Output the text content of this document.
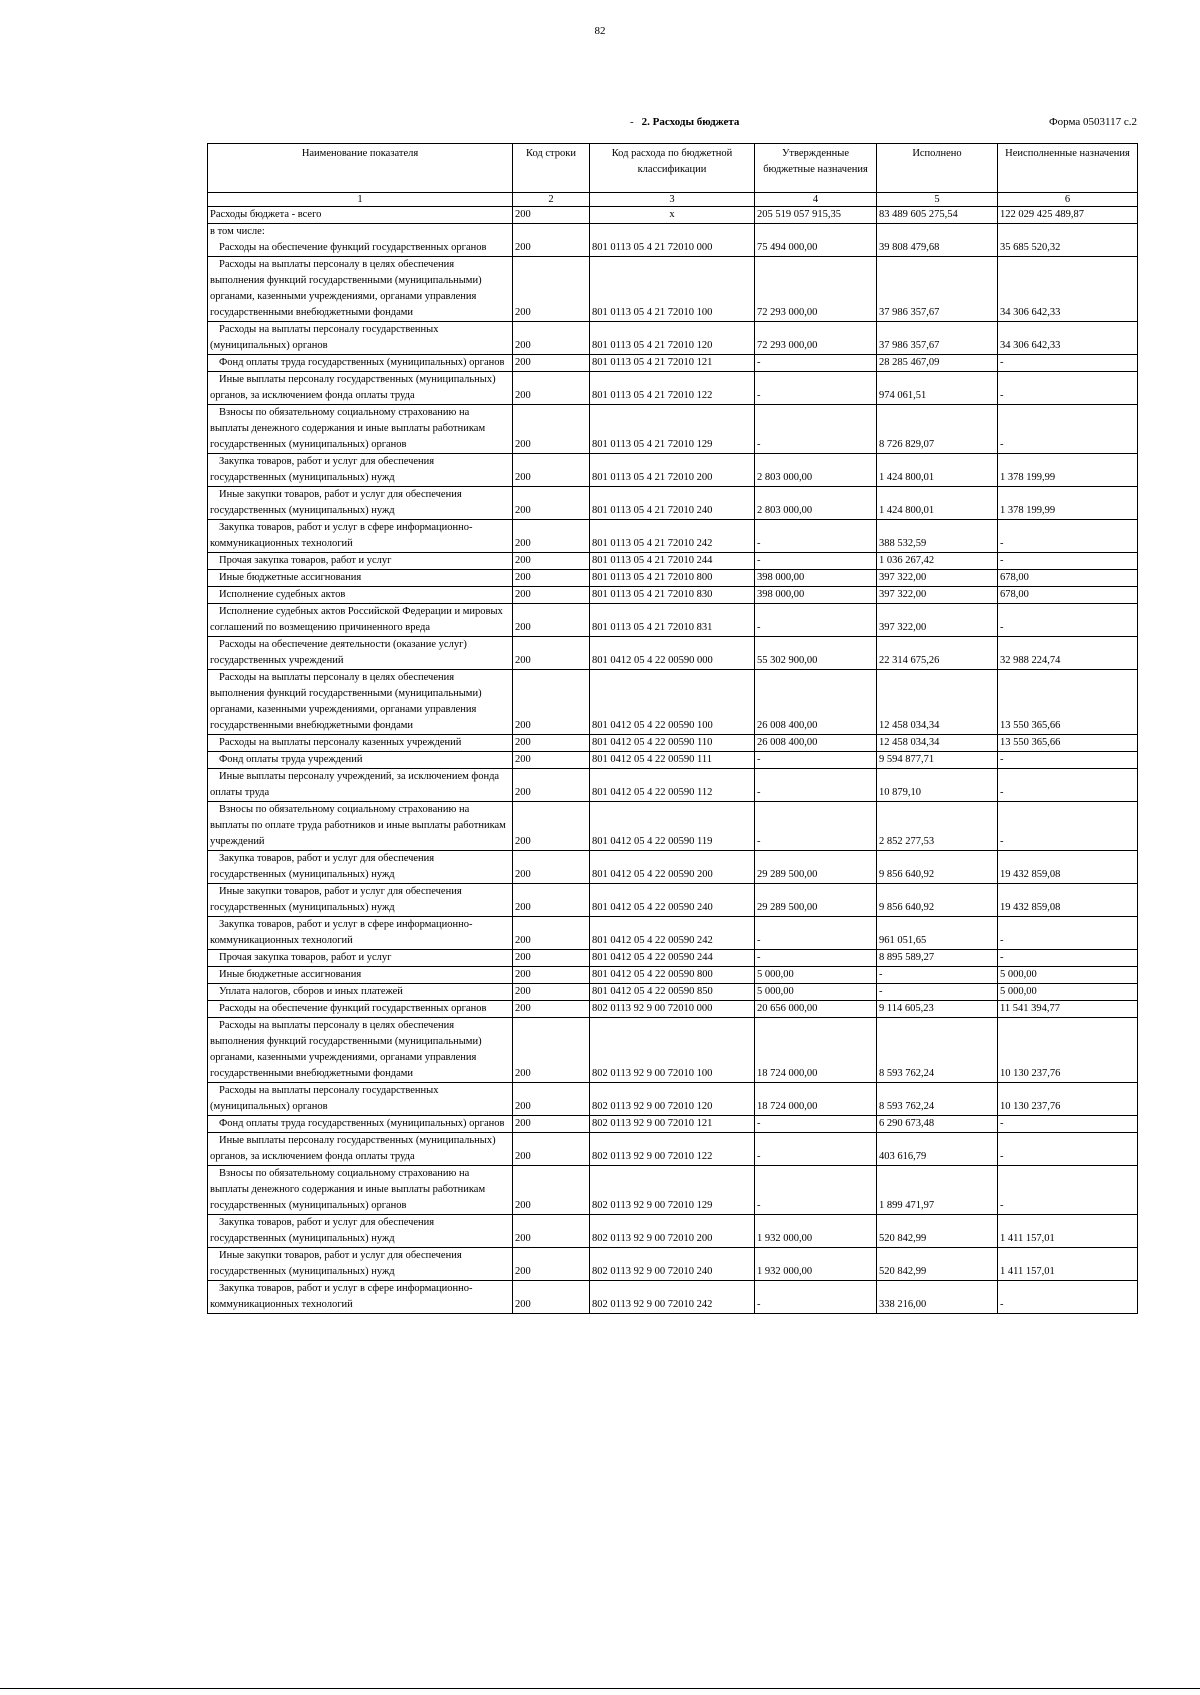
82
- 2. Расходы бюджета	Форма 0503117 с.2
Наименование показателя	Код строки	Код расхода по бюджетной классификации	Утвержденные бюджетные назначения	Исполнено	Неисполненные назначения
1	2	3	4	5	6
Расходы бюджета - всего	200	x	205 519 057 915,35	83 489 605 275,54	122 029 425 489,87
в том числе:					
Расходы на обеспечение функций государственных органов	200	801 0113 05 4 21 72010 000	75 494 000,00	39 808 479,68	35 685 520,32
Расходы на выплаты персоналу в целях обеспечения выполнения функций государственными (муниципальными) органами, казенными учреждениями, органами управления государственными внебюджетными фондами	200	801 0113 05 4 21 72010 100	72 293 000,00	37 986 357,67	34 306 642,33
Расходы на выплаты персоналу государственных (муниципальных) органов	200	801 0113 05 4 21 72010 120	72 293 000,00	37 986 357,67	34 306 642,33
Фонд оплаты труда государственных (муниципальных) органов	200	801 0113 05 4 21 72010 121	-	28 285 467,09	-
Иные выплаты персоналу государственных (муниципальных) органов, за исключением фонда оплаты труда	200	801 0113 05 4 21 72010 122	-	974 061,51	-
Взносы по обязательному социальному страхованию на выплаты денежного содержания и иные выплаты работникам государственных (муниципальных) органов	200	801 0113 05 4 21 72010 129	-	8 726 829,07	-
Закупка товаров, работ и услуг для обеспечения государственных (муниципальных) нужд	200	801 0113 05 4 21 72010 200	2 803 000,00	1 424 800,01	1 378 199,99
Иные закупки товаров, работ и услуг для обеспечения государственных (муниципальных) нужд	200	801 0113 05 4 21 72010 240	2 803 000,00	1 424 800,01	1 378 199,99
Закупка товаров, работ и услуг в сфере информационно-коммуникационных технологий	200	801 0113 05 4 21 72010 242	-	388 532,59	-
Прочая закупка товаров, работ и услуг	200	801 0113 05 4 21 72010 244	-	1 036 267,42	-
Иные бюджетные ассигнования	200	801 0113 05 4 21 72010 800	398 000,00	397 322,00	678,00
Исполнение судебных актов	200	801 0113 05 4 21 72010 830	398 000,00	397 322,00	678,00
Исполнение судебных актов Российской Федерации и мировых соглашений по возмещению причиненного вреда	200	801 0113 05 4 21 72010 831	-	397 322,00	-
Расходы на обеспечение деятельности (оказание услуг) государственных учреждений	200	801 0412 05 4 22 00590 000	55 302 900,00	22 314 675,26	32 988 224,74
Расходы на выплаты персоналу в целях обеспечения выполнения функций государственными (муниципальными) органами, казенными учреждениями, органами управления государственными внебюджетными фондами	200	801 0412 05 4 22 00590 100	26 008 400,00	12 458 034,34	13 550 365,66
Расходы на выплаты персоналу казенных учреждений	200	801 0412 05 4 22 00590 110	26 008 400,00	12 458 034,34	13 550 365,66
Фонд оплаты труда учреждений	200	801 0412 05 4 22 00590 111	-	9 594 877,71	-
Иные выплаты персоналу учреждений, за исключением фонда оплаты труда	200	801 0412 05 4 22 00590 112	-	10 879,10	-
Взносы по обязательному социальному страхованию на выплаты по оплате труда работников и иные выплаты работникам учреждений	200	801 0412 05 4 22 00590 119	-	2 852 277,53	-
Закупка товаров, работ и услуг для обеспечения государственных (муниципальных) нужд	200	801 0412 05 4 22 00590 200	29 289 500,00	9 856 640,92	19 432 859,08
Иные закупки товаров, работ и услуг для обеспечения государственных (муниципальных) нужд	200	801 0412 05 4 22 00590 240	29 289 500,00	9 856 640,92	19 432 859,08
Закупка товаров, работ и услуг в сфере информационно-коммуникационных технологий	200	801 0412 05 4 22 00590 242	-	961 051,65	-
Прочая закупка товаров, работ и услуг	200	801 0412 05 4 22 00590 244	-	8 895 589,27	-
Иные бюджетные ассигнования	200	801 0412 05 4 22 00590 800	5 000,00	-	5 000,00
Уплата налогов, сборов и иных платежей	200	801 0412 05 4 22 00590 850	5 000,00	-	5 000,00
Расходы на обеспечение функций государственных органов	200	802 0113 92 9 00 72010 000	20 656 000,00	9 114 605,23	11 541 394,77
Расходы на выплаты персоналу в целях обеспечения выполнения функций государственными (муниципальными) органами, казенными учреждениями, органами управления государственными внебюджетными фондами	200	802 0113 92 9 00 72010 100	18 724 000,00	8 593 762,24	10 130 237,76
Расходы на выплаты персоналу государственных (муниципальных) органов	200	802 0113 92 9 00 72010 120	18 724 000,00	8 593 762,24	10 130 237,76
Фонд оплаты труда государственных (муниципальных) органов	200	802 0113 92 9 00 72010 121	-	6 290 673,48	-
Иные выплаты персоналу государственных (муниципальных) органов, за исключением фонда оплаты труда	200	802 0113 92 9 00 72010 122	-	403 616,79	-
Взносы по обязательному социальному страхованию на выплаты денежного содержания и иные выплаты работникам государственных (муниципальных) органов	200	802 0113 92 9 00 72010 129	-	1 899 471,97	-
Закупка товаров, работ и услуг для обеспечения государственных (муниципальных) нужд	200	802 0113 92 9 00 72010 200	1 932 000,00	520 842,99	1 411 157,01
Иные закупки товаров, работ и услуг для обеспечения государственных (муниципальных) нужд	200	802 0113 92 9 00 72010 240	1 932 000,00	520 842,99	1 411 157,01
Закупка товаров, работ и услуг в сфере информационно-коммуникационных технологий	200	802 0113 92 9 00 72010 242	-	338 216,00	-
